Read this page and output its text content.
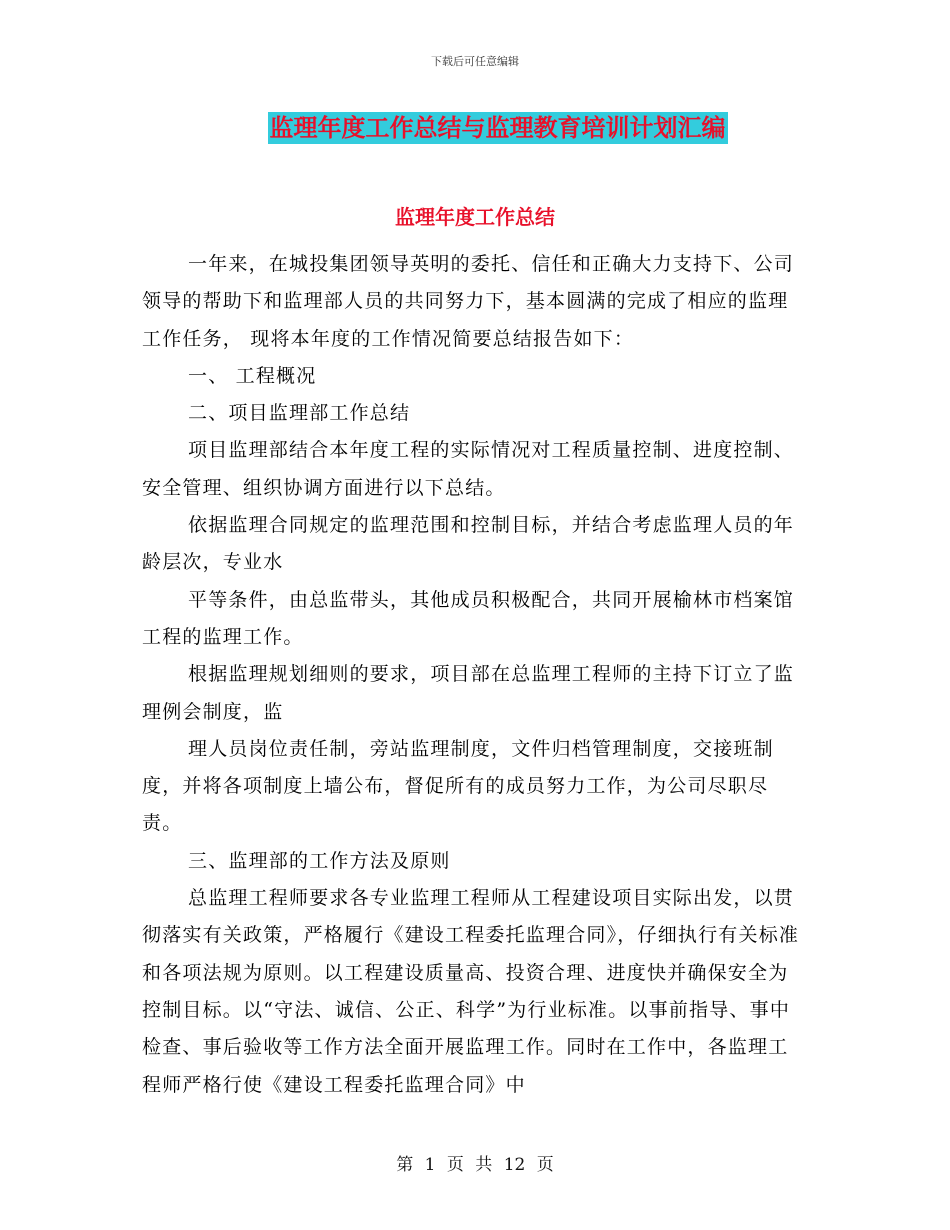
下载后可任意编辑
监理年度工作总结与监理教育培训计划汇编
监理年度工作总结

一年来，在城投集团领导英明的委托、信任和正确大力支持下、公司领导的帮助下和监理部人员的共同努力下，基本圆满的完成了相应的监理工作任务， 现将本年度的工作情况简要总结报告如下：

一、 工程概况

二、项目监理部工作总结

项目监理部结合本年度工程的实际情况对工程质量控制、进度控制、安全管理、组织协调方面进行以下总结。

依据监理合同规定的监理范围和控制目标，并结合考虑监理人员的年龄层次，专业水

平等条件，由总监带头，其他成员积极配合，共同开展榆林市档案馆工程的监理工作。

根据监理规划细则的要求，项目部在总监理工程师的主持下订立了监理例会制度，监

理人员岗位责任制，旁站监理制度，文件归档管理制度，交接班制度，并将各项制度上墙公布，督促所有的成员努力工作，为公司尽职尽责。

三、监理部的工作方法及原则

总监理工程师要求各专业监理工程师从工程建设项目实际出发，以贯彻落实有关政策，严格履行《建设工程委托监理合同》，仔细执行有关标准和各项法规为原则。以工程建设质量高、投资合理、进度快并确保安全为控制目标。以“守法、诚信、公正、科学”为行业标准。以事前指导、事中检查、事后验收等工作方法全面开展监理工作。同时在工作中，各监理工程师严格行使《建设工程委托监理合同》中

第 1 页 共 12 页
